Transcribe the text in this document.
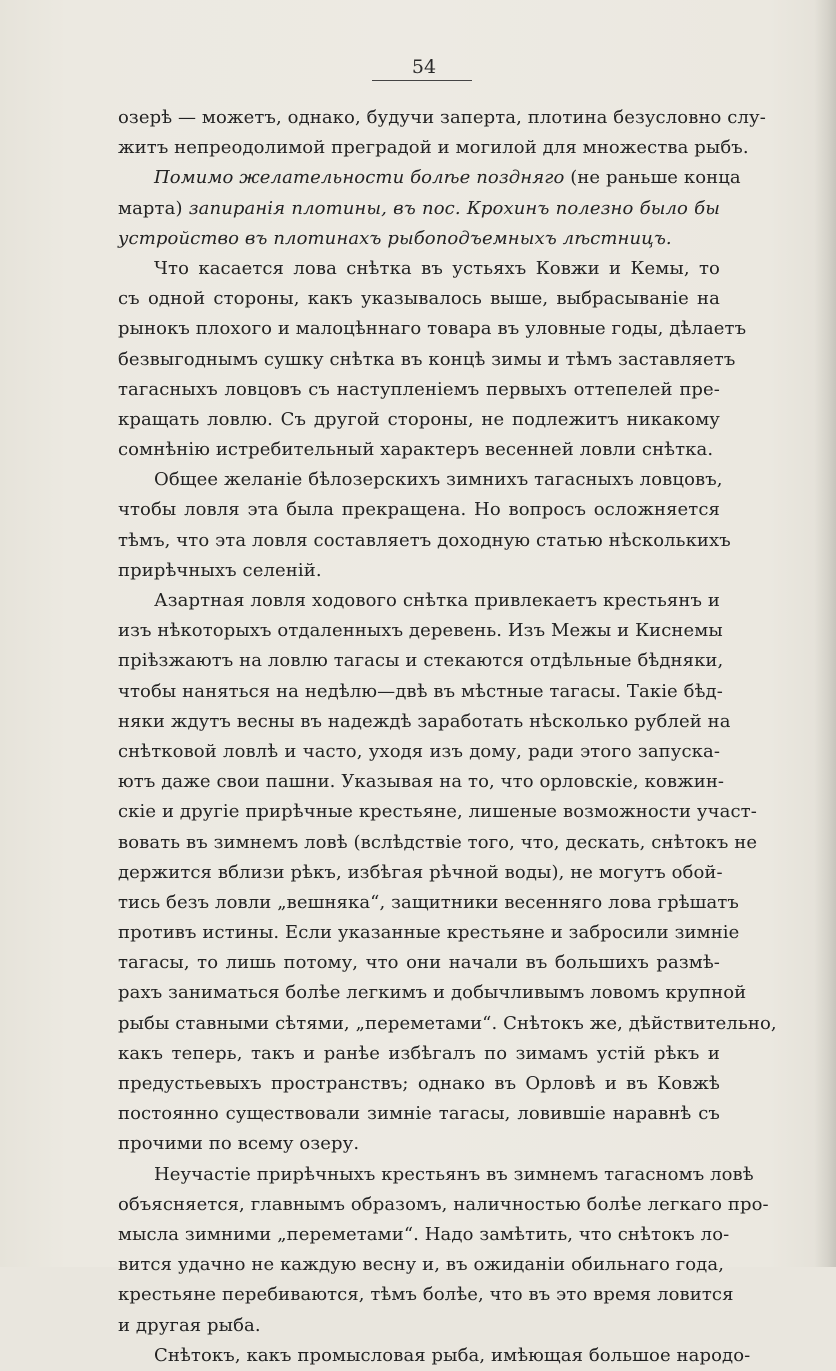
54
озерѣ — можетъ, однако, будучи заперта, плотина безусловно слу-
житъ непреодолимой преградой и могилой для множества рыбъ.
Помимо желательности болѣе поздняго (не раньше конца
марта) запиранія плотины, въ пос. Крохинъ полезно было бы
устройство въ плотинахъ рыбоподъемныхъ лѣстницъ.
Что касается лова снѣтка въ устьяхъ Ковжи и Кемы, то
съ одной стороны, какъ указывалось выше, выбрасываніе на
рынокъ плохого и малоцѣннаго товара въ уловные годы, дѣлаетъ
безвыгоднымъ сушку снѣтка въ концѣ зимы и тѣмъ заставляетъ
тагасныхъ ловцовъ съ наступленіемъ первыхъ оттепелей пре-
кращать ловлю. Съ другой стороны, не подлежитъ никакому
сомнѣнію истребительный характеръ весенней ловли снѣтка.
Общее желаніе бѣлозерскихъ зимнихъ тагасныхъ ловцовъ,
чтобы ловля эта была прекращена. Но вопросъ осложняется
тѣмъ, что эта ловля составляетъ доходную статью нѣсколькихъ
прирѣчныхъ селеній.
Азартная ловля ходового снѣтка привлекаетъ крестьянъ и
изъ нѣкоторыхъ отдаленныхъ деревень. Изъ Межы и Киснемы
пріѣзжаютъ на ловлю тагасы и стекаются отдѣльные бѣдняки,
чтобы наняться на недѣлю—двѣ въ мѣстные тагасы. Такіе бѣд-
няки ждутъ весны въ надеждѣ заработать нѣсколько рублей на
снѣтковой ловлѣ и часто, уходя изъ дому, ради этого запуска-
ютъ даже свои пашни. Указывая на то, что орловскіе, ковжин-
скіе и другіе прирѣчные крестьяне, лишеные возможности участ-
вовать въ зимнемъ ловѣ (вслѣдствіе того, что, дескать, снѣтокъ не
держится вблизи рѣкъ, избѣгая рѣчной воды), не могутъ обой-
тись безъ ловли „вешняка“, защитники весенняго лова грѣшатъ
противъ истины. Если указанные крестьяне и забросили зимніе
тагасы, то лишь потому, что они начали въ большихъ размѣ-
рахъ заниматься болѣе легкимъ и добычливымъ ловомъ крупной
рыбы ставными сѣтями, „переметами“. Снѣтокъ же, дѣйствительно,
какъ теперь, такъ и ранѣе избѣгалъ по зимамъ устій рѣкъ и
предустьевыхъ пространствъ; однако въ Орловѣ и въ Ковжѣ
постоянно существовали зимніе тагасы, ловившіе наравнѣ съ
прочими по всему озеру.
Неучастіе прирѣчныхъ крестьянъ въ зимнемъ тагасномъ ловѣ
объясняется, главнымъ образомъ, наличностью болѣе легкаго про-
мысла зимними „переметами“. Надо замѣтить, что снѣтокъ ло-
вится удачно не каждую весну и, въ ожиданіи обильнаго года,
крестьяне перебиваются, тѣмъ болѣе, что въ это время ловится
и другая рыба.
Снѣтокъ, какъ промысловая рыба, имѣющая большое народо-
